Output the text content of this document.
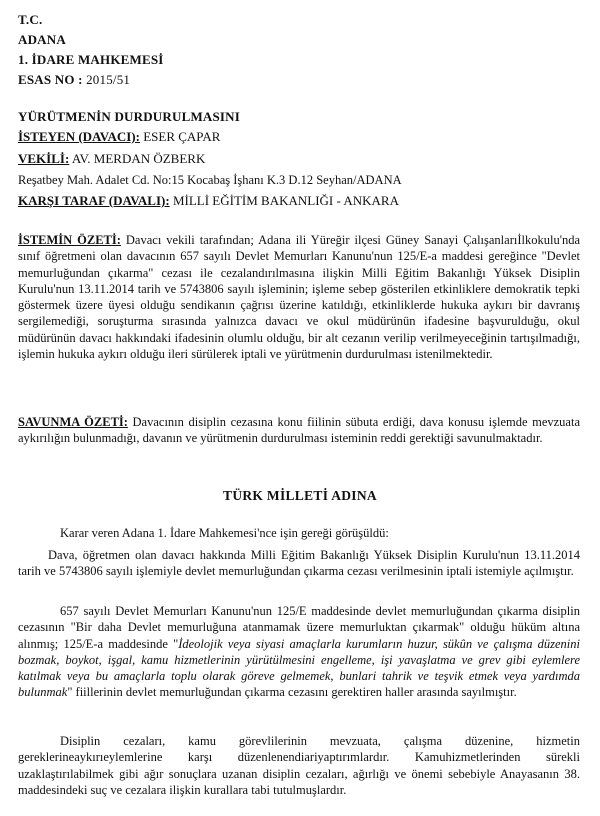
T.C.
ADANA
1. İDARE MAHKEMESİ
ESAS NO : 2015/51
YÜRÜTMENİN DURDURULMASINI
İSTEYEN (DAVACI): ESER ÇAPAR
VEKİLİ: AV. MERDAN ÖZBERK
Reşatbey Mah. Adalet Cd. No:15 Kocabaş İşhanı K.3 D.12 Seyhan/ADANA
KARŞI TARAF (DAVALI): MİLLİ EĞİTİM BAKANLIĞI - ANKARA
İSTEMİN ÖZETİ: Davacı vekili tarafından; Adana ili Yüreğir ilçesi Güney Sanayi Çalışanlarıİlkokulu'nda sınıf öğretmeni olan davacının 657 sayılı Devlet Memurları Kanunu'nun 125/E-a maddesi gereğince "Devlet memurluğundan çıkarma" cezası ile cezalandırılmasına ilişkin Milli Eğitim Bakanlığı Yüksek Disiplin Kurulu'nun 13.11.2014 tarih ve 5743806 sayılı işleminin; işleme sebep gösterilen etkinliklere demokratik tepki göstermek üzere üyesi olduğu sendikanın çağrısı üzerine katıldığı, etkinliklerde hukuka aykırı bir davranış sergilemediği, soruşturma sırasında yalnızca davacı ve okul müdürünün ifadesine başvurulduğu, okul müdürünün davacı hakkındaki ifadesinin olumlu olduğu, bir alt cezanın verilip verilmeyeceğinin tartışılmadığı, işlemin hukuka aykırı olduğu ileri sürülerek iptali ve yürütmenin durdurulması istenilmektedir.
SAVUNMA ÖZETİ: Davacının disiplin cezasına konu fiilinin sübuta erdiği, dava konusu işlemde mevzuata aykırılığın bulunmadığı, davanın ve yürütmenin durdurulması isteminin reddi gerektiği savunulmaktadır.
TÜRK MİLLETİ ADINA
Karar veren Adana 1. İdare Mahkemesi'nce işin gereği görüşüldü:
Dava, öğretmen olan davacı hakkında Milli Eğitim Bakanlığı Yüksek Disiplin Kurulu'nun 13.11.2014 tarih ve 5743806 sayılı işlemiyle devlet memurluğundan çıkarma cezası verilmesinin iptali istemiyle açılmıştır.
657 sayılı Devlet Memurları Kanunu'nun 125/E maddesinde devlet memurluğundan çıkarma disiplin cezasının "Bir daha Devlet memurluğuna atanmamak üzere memurluktan çıkarmak" olduğu hüküm altına alınmış; 125/E-a maddesinde "İdeolojik veya siyasi amaçlarla kurumların huzur, sükûn ve çalışma düzenini bozmak, boykot, işgal, kamu hizmetlerinin yürütülmesini engelleme, işi yavaşlatma ve grev gibi eylemlere katılmak veya bu amaçlarla toplu olarak göreve gelmemek, bunlari tahrik ve teşvik etmek veya yardımda bulunmak" fiillerinin devlet memurluğundan çıkarma cezasını gerektiren haller arasında sayılmıştır.
Disiplin cezaları, kamu görevlilerinin mevzuata, çalışma düzenine, hizmetin gereklerineaykırıeylemlerine karşı düzenlenendiariyaptırımlardır. Kamuhizmetlerinden sürekli uzaklaştırılabilmek gibi ağır sonuçlara uzanan disiplin cezaları, ağırlığı ve önemi sebebiyle Anayasanın 38. maddesindeki suç ve cezalara ilişkin kurallara tabi tutulmuşlardır.
